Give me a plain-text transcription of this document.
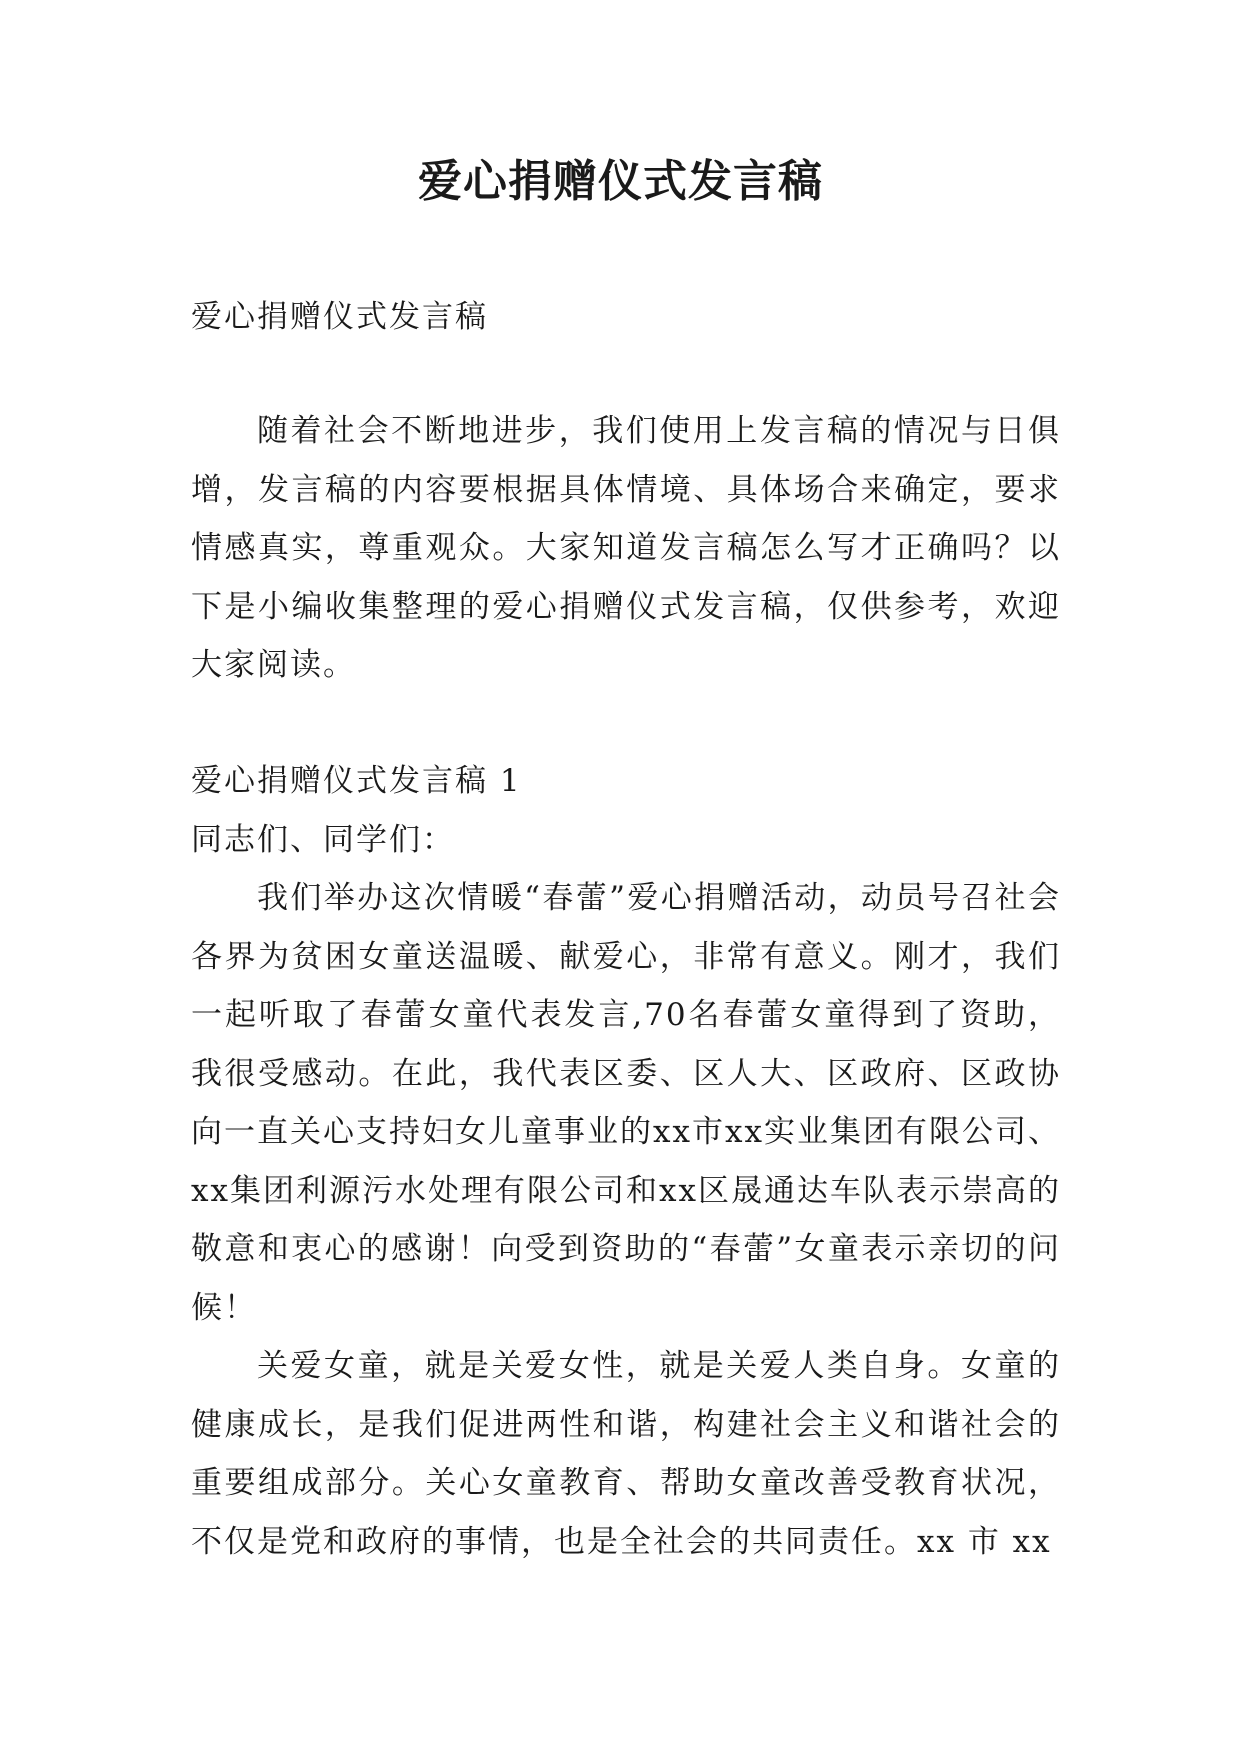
爱心捐赠仪式发言稿

爱心捐赠仪式发言稿

随着社会不断地进步，我们使用上发言稿的情况与日俱增，发言稿的内容要根据具体情境、具体场合来确定，要求情感真实，尊重观众。大家知道发言稿怎么写才正确吗？以下是小编收集整理的爱心捐赠仪式发言稿，仅供参考，欢迎大家阅读。

爱心捐赠仪式发言稿 1

同志们、同学们：

我们举办这次情暖“春蕾”爱心捐赠活动，动员号召社会各界为贫困女童送温暖、献爱心，非常有意义。刚才，我们一起听取了春蕾女童代表发言,70名春蕾女童得到了资助，我很受感动。在此，我代表区委、区人大、区政府、区政协向一直关心支持妇女儿童事业的xx市xx实业集团有限公司、xx集团利源污水处理有限公司和xx区晟通达车队表示崇高的敬意和衷心的感谢！向受到资助的“春蕾”女童表示亲切的问候！

关爱女童，就是关爱女性，就是关爱人类自身。女童的健康成长，是我们促进两性和谐，构建社会主义和谐社会的重要组成部分。关心女童教育、帮助女童改善受教育状况，不仅是党和政府的事情，也是全社会的共同责任。xx 市 xx
